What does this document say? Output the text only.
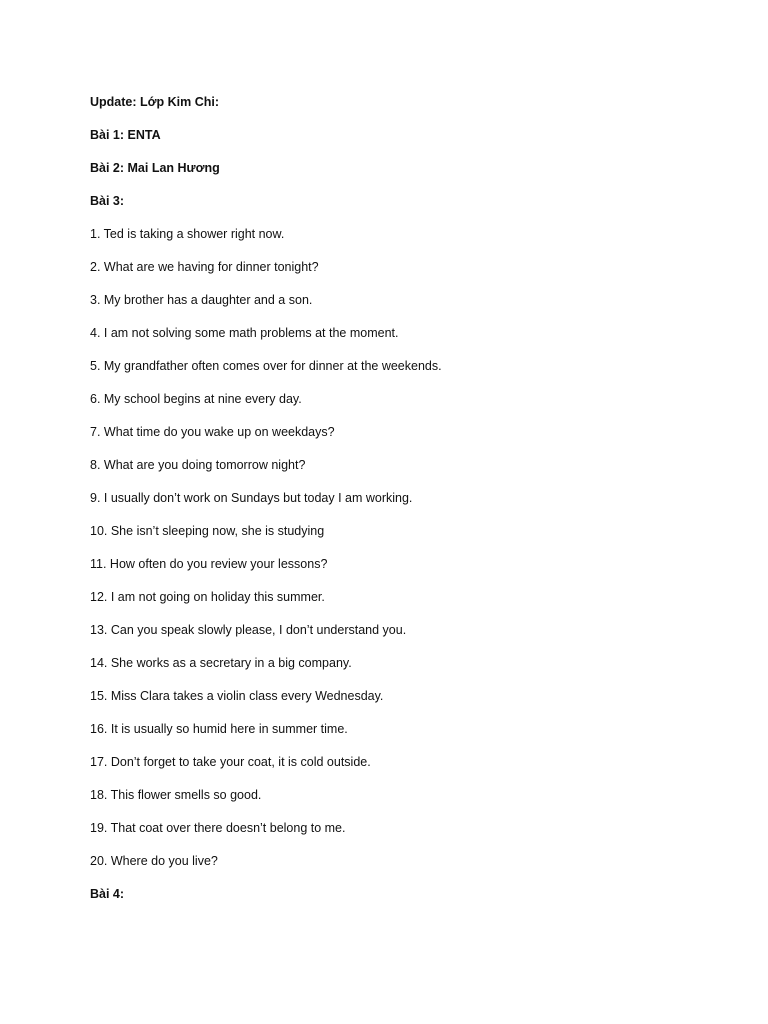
Update: Lớp Kim Chi:

Bài 1: ENTA

Bài 2: Mai Lan Hương

Bài 3:

1. Ted is taking a shower right now.

2. What are we having for dinner tonight?

3. My brother has a daughter and a son.

4. I am not solving some math problems at the moment.

5. My grandfather often comes over for dinner at the weekends.

6. My school begins at nine every day.

7. What time do you wake up on weekdays?

8. What are you doing tomorrow night?

9. I usually don’t work on Sundays but today I am working.

10. She isn’t sleeping now, she is studying

11. How often do you review your lessons?

12. I am not going on holiday this summer.

13. Can you speak slowly please, I don’t understand you.

14. She works as a secretary in a big company.

15. Miss Clara takes a violin class every Wednesday.

16. It is usually so humid here in summer time.

17. Don’t forget to take your coat, it is cold outside.

18. This flower smells so good.

19. That coat over there doesn’t belong to me.

20. Where do you live?

Bài 4:
